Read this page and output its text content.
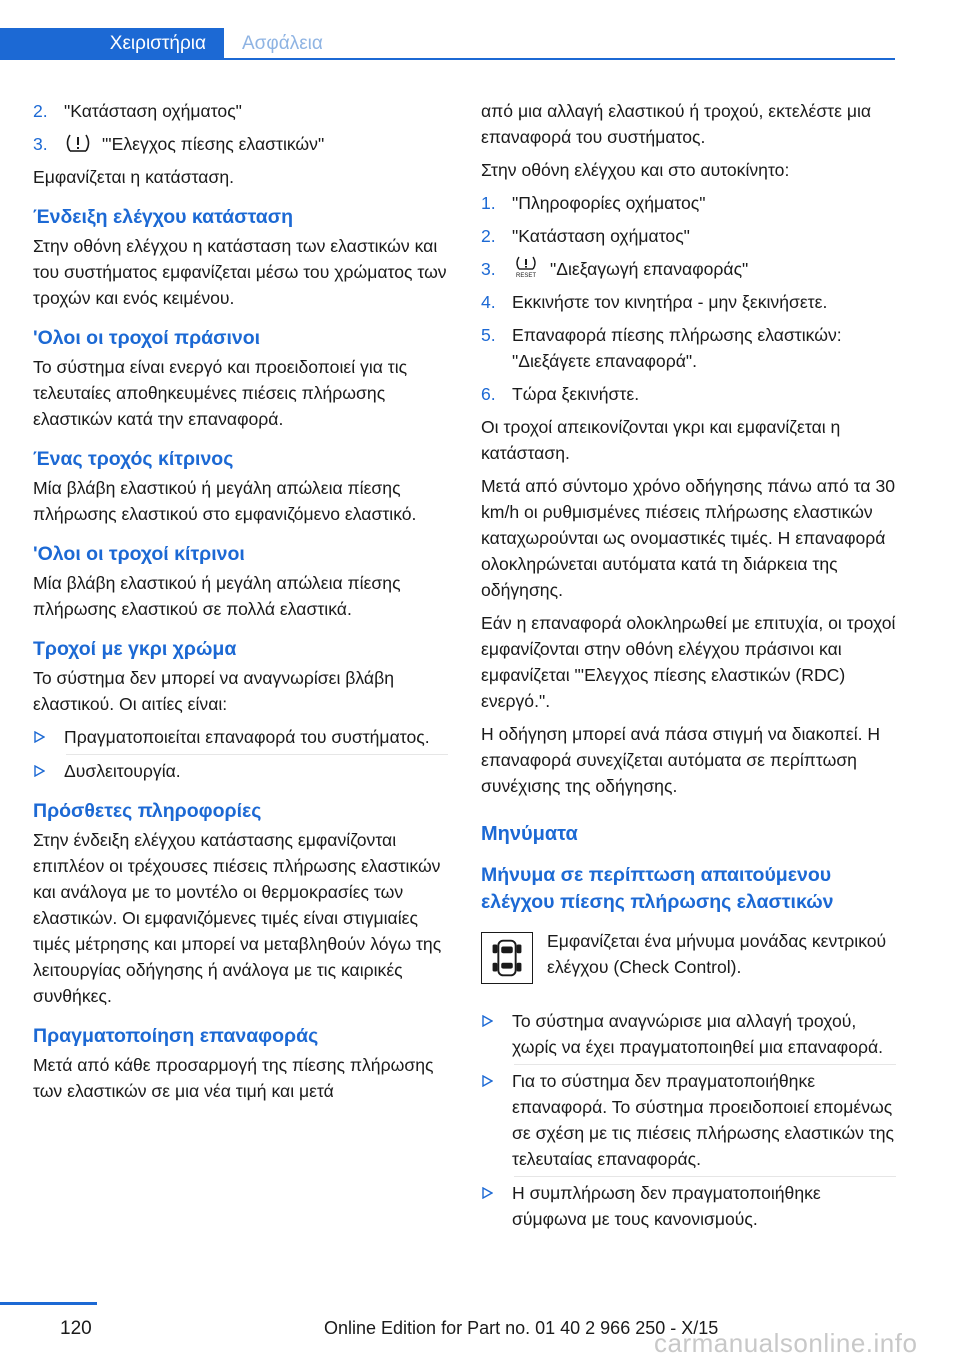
Χειριστήρια Ασφάλεια
2. "Κατάσταση οχήματος"
3.	"'Ελεγχος πίεσης ελαστικών"

Εμφανίζεται η κατάσταση.

Ένδειξη ελέγχου κατάσταση

Στην οθόνη ελέγχου η κατάσταση των ελαστικών και του συστήματος εμφανίζεται μέσω του χρώματος των τροχών και ενός κειμένου.

'Ολοι οι τροχοί πράσινοι

Το σύστημα είναι ενεργό και προειδοποιεί για τις τελευταίες αποθηκευμένες πιέσεις πλήρωσης ελαστικών κατά την επαναφορά.

Ένας τροχός κίτρινος

Μία βλάβη ελαστικού ή μεγάλη απώλεια πίεσης πλήρωσης ελαστικού στο εμφανιζόμενο ελαστικό.

'Ολοι οι τροχοί κίτρινοι

Μία βλάβη ελαστικού ή μεγάλη απώλεια πίεσης πλήρωσης ελαστικού σε πολλά ελαστικά.

Τροχοί με γκρι χρώμα

Το σύστημα δεν μπορεί να αναγνωρίσει βλάβη ελαστικού. Οι αιτίες είναι:

Πραγματοποιείται επαναφορά του συστήματος.
Δυσλειτουργία.
Πρόσθετες πληροφορίες

Στην ένδειξη ελέγχου κατάστασης εμφανίζονται επιπλέον οι τρέχουσες πιέσεις πλήρωσης ελαστικών και ανάλογα με το μοντέλο οι θερμοκρασίες των ελαστικών. Οι εμφανιζόμενες τιμές είναι στιγμιαίες τιμές μέτρησης και μπορεί να μεταβληθούν λόγω της λειτουργίας οδήγησης ή ανάλογα με τις καιρικές συνθήκες.

Πραγματοποίηση επαναφοράς

Μετά από κάθε προσαρμογή της πίεσης πλήρωσης των ελαστικών σε μια νέα τιμή και μετά

από μια αλλαγή ελαστικού ή τροχού, εκτελέστε μια επαναφορά του συστήματος.

Στην οθόνη ελέγχου και στο αυτοκίνητο:

1. "Πληροφορίες οχήματος"
2. "Κατάσταση οχήματος"
3.	RESET "Διεξαγωγή επαναφοράς"
4. Εκκινήστε τον κινητήρα - μην ξεκινήσετε.
5. Επαναφορά πίεσης πλήρωσης ελαστικών: "Διεξάγετε επαναφορά".
6. Τώρα ξεκινήστε.

Οι τροχοί απεικονίζονται γκρι και εμφανίζεται η κατάσταση.

Μετά από σύντομο χρόνο οδήγησης πάνω από τα 30 km/h οι ρυθμισμένες πιέσεις πλήρωσης ελαστικών καταχωρούνται ως ονομαστικές τιμές. Η επαναφορά ολοκληρώνεται αυτόματα κατά τη διάρκεια της οδήγησης.

Εάν η επαναφορά ολοκληρωθεί με επιτυχία, οι τροχοί εμφανίζονται στην οθόνη ελέγχου πράσινοι και εμφανίζεται "'Ελεγχος πίεσης ελαστικών (RDC) ενεργό.".

Η οδήγηση μπορεί ανά πάσα στιγμή να διακοπεί. Η επαναφορά συνεχίζεται αυτόματα σε περίπτωση συνέχισης της οδήγησης.

Μηνύματα
Μήνυμα σε περίπτωση απαιτούμενου ελέγχου πίεσης πλήρωσης ελαστικών
Εμφανίζεται ένα μήνυμα μονάδας κεντρικού ελέγχου (Check Control).
Το σύστημα αναγνώρισε μια αλλαγή τροχού, χωρίς να έχει πραγματοποιηθεί μια επαναφορά.
Για το σύστημα δεν πραγματοποιήθηκε επαναφορά. Το σύστημα προειδοποιεί επομένως σε σχέση με τις πιέσεις πλήρωσης ελαστικών της τελευταίας επαναφοράς.
Η συμπλήρωση δεν πραγματοποιήθηκε σύμφωνα με τους κανονισμούς.
120	Online Edition for Part no. 01 40 2 966 250 - X/15
carmanualsonline.info
